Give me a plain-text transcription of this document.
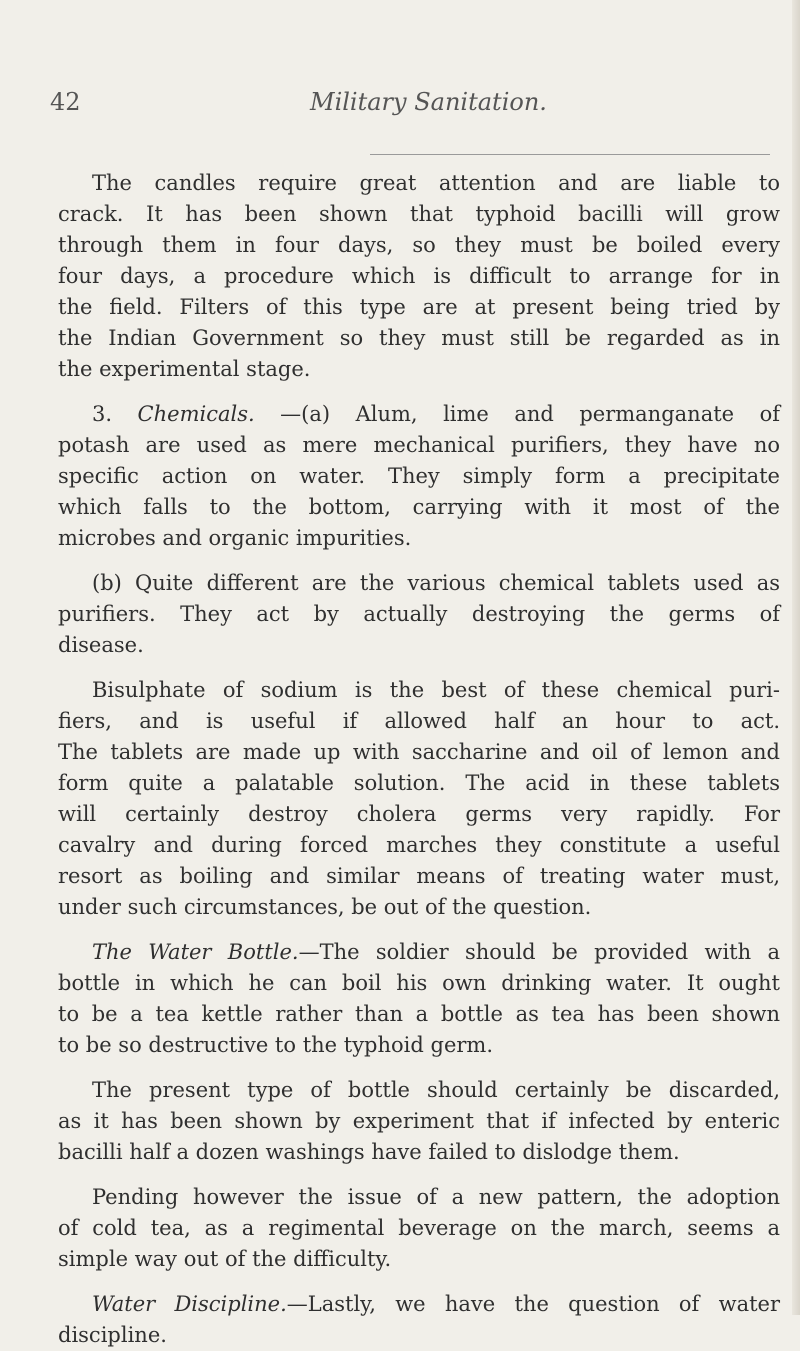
42	Military Sanitation.
The candles require great attention and are liable to
crack. It has been shown that typhoid bacilli will grow
through them in four days, so they must be boiled every
four days, a procedure which is difficult to arrange for in
the field. Filters of this type are at present being tried by
the Indian Government so they must still be regarded as in
the experimental stage.
3. Chemicals. —(a) Alum, lime and permanganate of
potash are used as mere mechanical purifiers, they have no
specific action on water. They simply form a precipitate
which falls to the bottom, carrying with it most of the
microbes and organic impurities.
(b) Quite different are the various chemical tablets used as
purifiers. They act by actually destroying the germs of
disease.
Bisulphate of sodium is the best of these chemical puri-
fiers, and is useful if allowed half an hour to act.
The tablets are made up with saccharine and oil of lemon and
form quite a palatable solution. The acid in these tablets
will certainly destroy cholera germs very rapidly. For
cavalry and during forced marches they constitute a useful
resort as boiling and similar means of treating water must,
under such circumstances, be out of the question.
The Water Bottle.—The soldier should be provided with a
bottle in which he can boil his own drinking water. It ought
to be a tea kettle rather than a bottle as tea has been shown
to be so destructive to the typhoid germ.
The present type of bottle should certainly be discarded,
as it has been shown by experiment that if infected by enteric
bacilli half a dozen washings have failed to dislodge them.
Pending however the issue of a new pattern, the adoption
of cold tea, as a regimental beverage on the march, seems a
simple way out of the difficulty.
Water Discipline.—Lastly, we have the question of water
discipline.
